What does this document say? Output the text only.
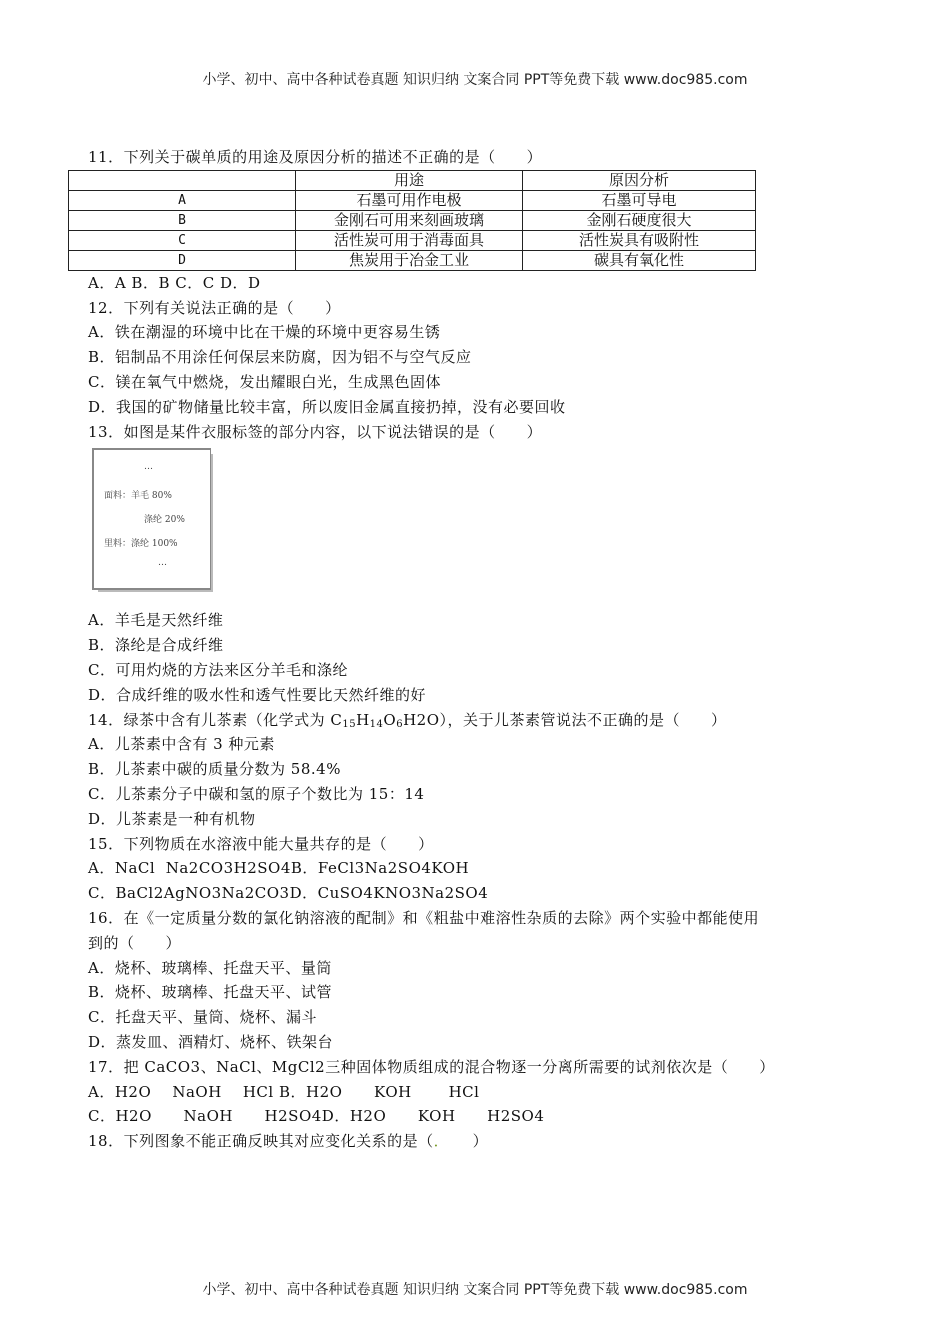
小学、初中、高中各种试卷真题 知识归纳 文案合同 PPT等免费下载 www.doc985.com
11．下列关于碳单质的用途及原因分析的描述不正确的是（　　）
	用途	原因分析
A	石墨可用作电极	石墨可导电
B	金刚石可用来刻画玻璃	金刚石硬度很大
C	活性炭可用于消毒面具	活性炭具有吸附性
D	焦炭用于冶金工业	碳具有氧化性
A．A B．B C．C D．D
12．下列有关说法正确的是（　　）
A．铁在潮湿的环境中比在干燥的环境中更容易生锈
B．铝制品不用涂任何保层来防腐，因为铝不与空气反应
C．镁在氧气中燃烧，发出耀眼白光，生成黑色固体
D．我国的矿物储量比较丰富，所以废旧金属直接扔掉，没有必要回收
13．如图是某件衣服标签的部分内容，以下说法错误的是（　　）
…
面料：羊毛 80%
涤纶 20%
里料：涤纶 100%
…
A．羊毛是天然纤维
B．涤纶是合成纤维
C．可用灼烧的方法来区分羊毛和涤纶
D．合成纤维的吸水性和透气性要比天然纤维的好
14．绿茶中含有儿茶素（化学式为 $C_{15}H_{14}O_6H2O$），关于儿茶素管说法不正确的是（　　）
A．儿茶素中含有 3 种元素
B．儿茶素中碳的质量分数为 58.4%
C．儿茶素分子中碳和氢的原子个数比为 15：14
D．儿茶素是一种有机物
15．下列物质在水溶液中能大量共存的是（　　）
A．NaCl  Na2CO3H2SO4B．FeCl3Na2SO4KOH
C．BaCl2AgNO3Na2CO3D．CuSO4KNO3Na2SO4
16．在《一定质量分数的氯化钠溶液的配制》和《粗盐中难溶性杂质的去除》两个实验中都能使用
到的（　　）
A．烧杯、玻璃棒、托盘天平、量筒
B．烧杯、玻璃棒、托盘天平、试管
C．托盘天平、量筒、烧杯、漏斗
D．蒸发皿、酒精灯、烧杯、铁架台
17．把 CaCO3、NaCl、MgCl2三种固体物质组成的混合物逐一分离所需要的试剂依次是（　　）
A．H2O    NaOH    HCl B．H2O      KOH       HCl
C．H2O      NaOH      H2SO4D．H2O      KOH      H2SO4
18．下列图象不能正确反映其对应变化关系的是（．　　）
小学、初中、高中各种试卷真题 知识归纳 文案合同 PPT等免费下载 www.doc985.com
